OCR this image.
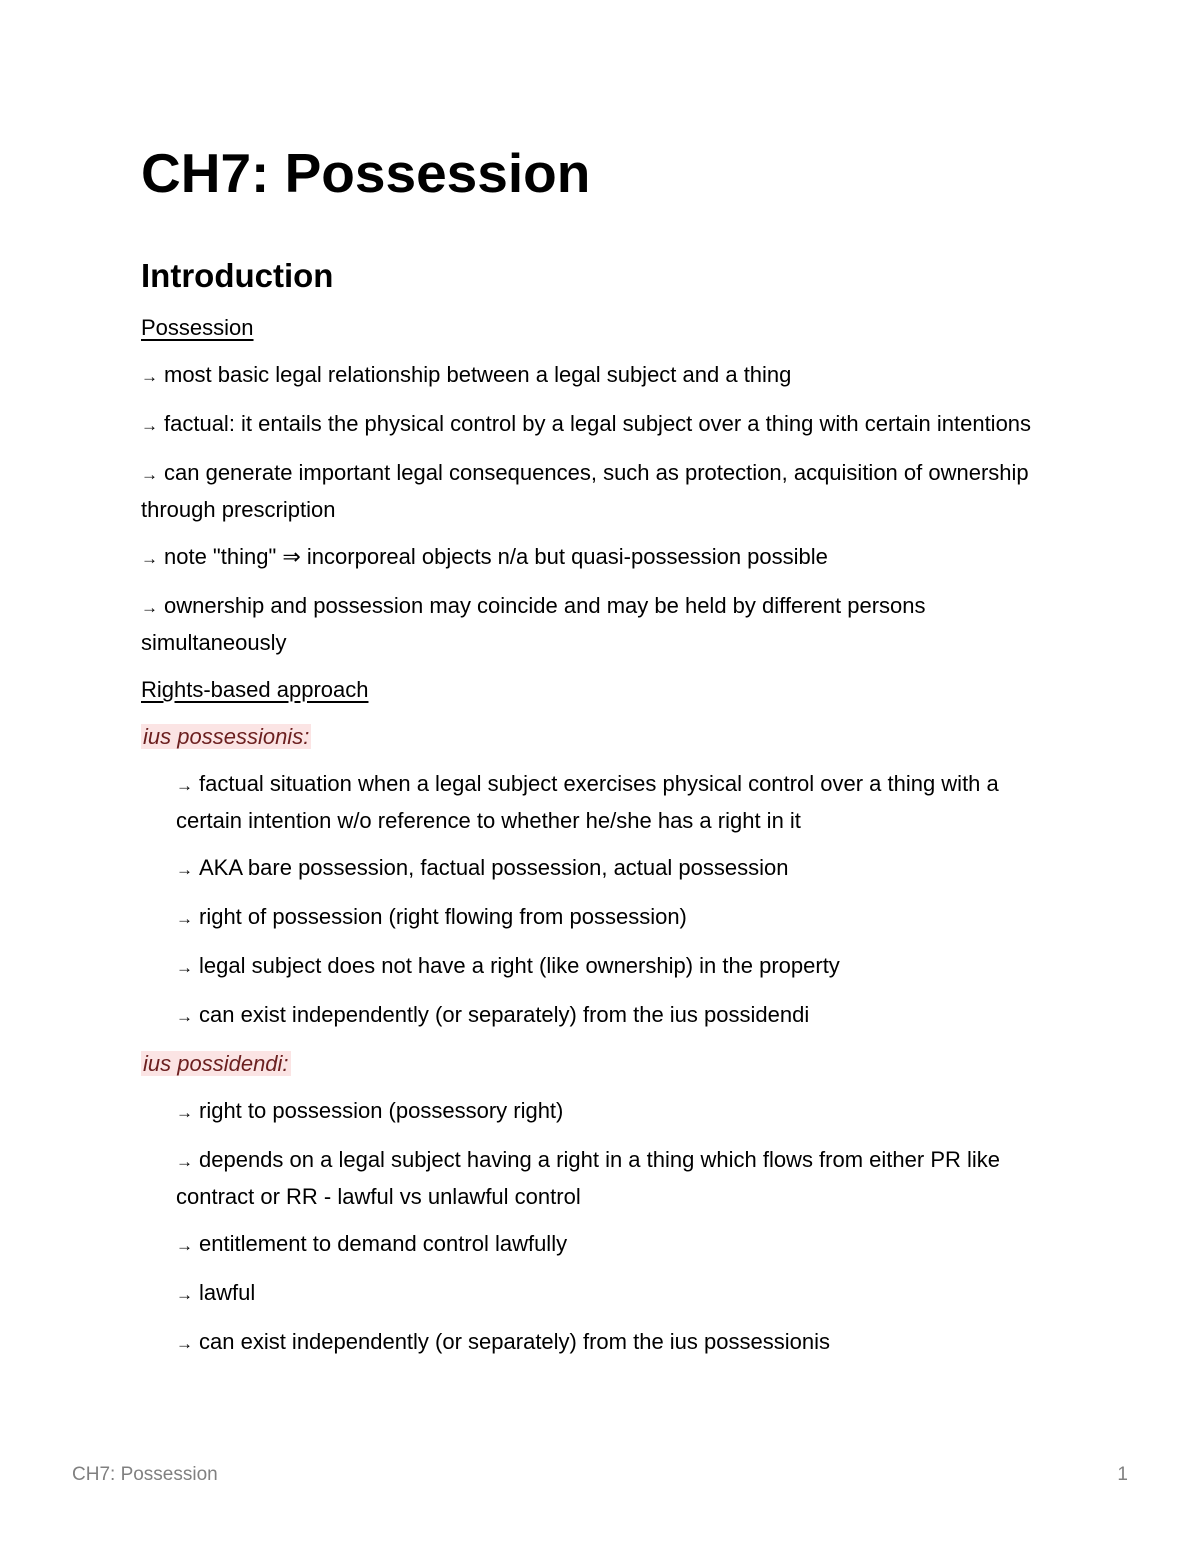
CH7: Possession
Introduction

Possession

→ most basic legal relationship between a legal subject and a thing

→ factual: it entails the physical control by a legal subject over a thing with certain intentions

→ can generate important legal consequences, such as protection, acquisition of ownership through prescription

→ note "thing" ⇒ incorporeal objects n/a but quasi-possession possible

→ ownership and possession may coincide and may be held by different persons simultaneously

Rights-based approach

ius possessionis:

→ factual situation when a legal subject exercises physical control over a thing with a certain intention w/o reference to whether he/she has a right in it

→ AKA bare possession, factual possession, actual possession

→ right of possession (right flowing from possession)

→ legal subject does not have a right (like ownership) in the property

→ can exist independently (or separately) from the ius possidendi

ius possidendi:

→ right to possession (possessory right)

→ depends on a legal subject having a right in a thing which flows from either PR like contract or RR - lawful vs unlawful control

→ entitlement to demand control lawfully

→ lawful

→ can exist independently (or separately) from the ius possessionis

CH7: Possession	1
